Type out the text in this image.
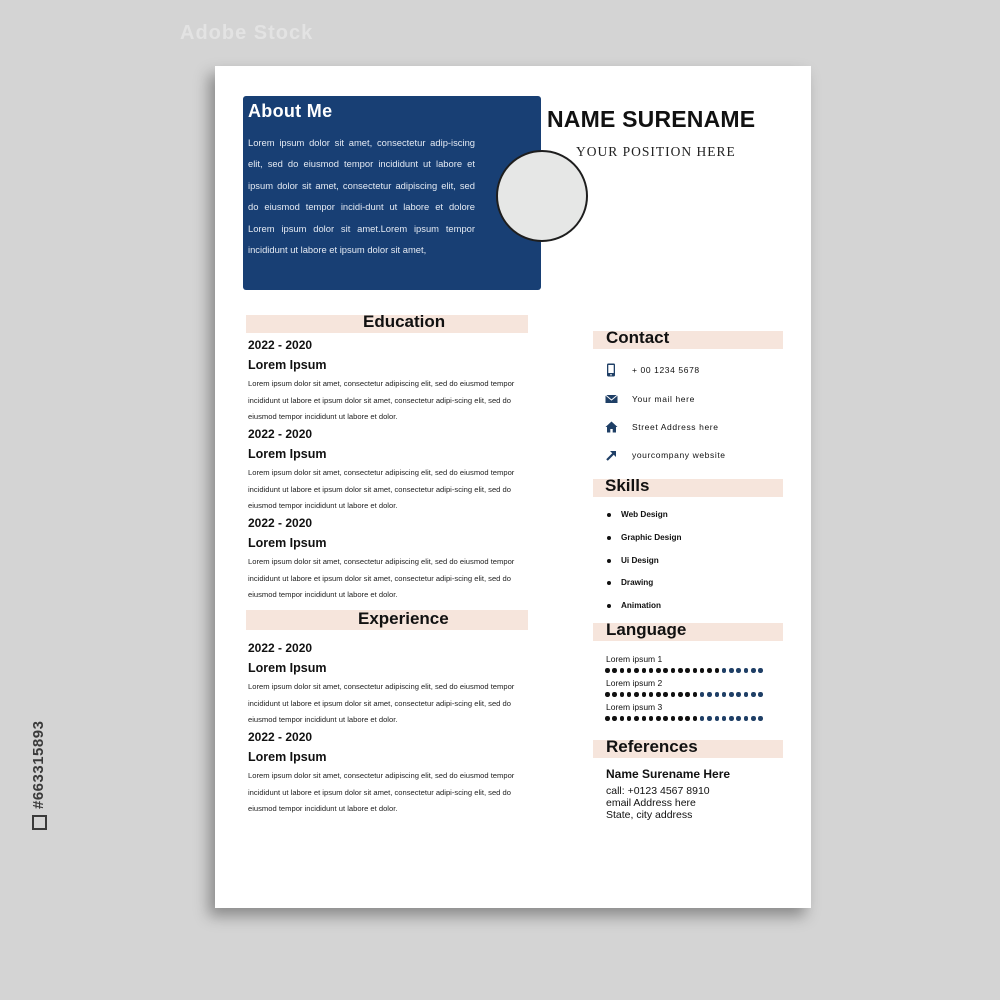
About Me

Lorem ipsum dolor sit amet, consectetur adip-iscing elit, sed do eiusmod tempor incididunt ut labore et ipsum dolor sit amet, consectetur adipiscing elit, sed do eiusmod tempor incidi-dunt ut labore et dolore Lorem ipsum dolor sit amet.Lorem ipsum tempor incididunt ut labore et ipsum dolor sit amet,

NAME SURENAME
YOUR POSITION HERE
Education
2022 - 2020
Lorem Ipsum
Lorem ipsum dolor sit amet, consectetur adipiscing elit, sed do eiusmod tempor incididunt ut labore et ipsum dolor sit amet, consectetur adipi-scing elit, sed do eiusmod tempor incididunt ut labore et dolor.
2022 - 2020
Lorem Ipsum
Lorem ipsum dolor sit amet, consectetur adipiscing elit, sed do eiusmod tempor incididunt ut labore et ipsum dolor sit amet, consectetur adipi-scing elit, sed do eiusmod tempor incididunt ut labore et dolor.
2022 - 2020
Lorem Ipsum
Lorem ipsum dolor sit amet, consectetur adipiscing elit, sed do eiusmod tempor incididunt ut labore et ipsum dolor sit amet, consectetur adipi-scing elit, sed do eiusmod tempor incididunt ut labore et dolor.
Experience
2022 - 2020
Lorem Ipsum
Lorem ipsum dolor sit amet, consectetur adipiscing elit, sed do eiusmod tempor incididunt ut labore et ipsum dolor sit amet, consectetur adipi-scing elit, sed do eiusmod tempor incididunt ut labore et dolor.
2022 - 2020
Lorem Ipsum
Lorem ipsum dolor sit amet, consectetur adipiscing elit, sed do eiusmod tempor incididunt ut labore et ipsum dolor sit amet, consectetur adipi-scing elit, sed do eiusmod tempor incididunt ut labore et dolor.
Contact
+ 00 1234 5678
Your mail here
Street Address here
yourcompany website
Skills
Web Design
Graphic Design
Ui Design
Drawing
Animation
Language
Lorem ipsum 1
Lorem ipsum 2
Lorem ipsum 3
References
Name Surename Here
call: +0123 4567 8910
email Address here
State, city address
Adobe Stock
#663315893
